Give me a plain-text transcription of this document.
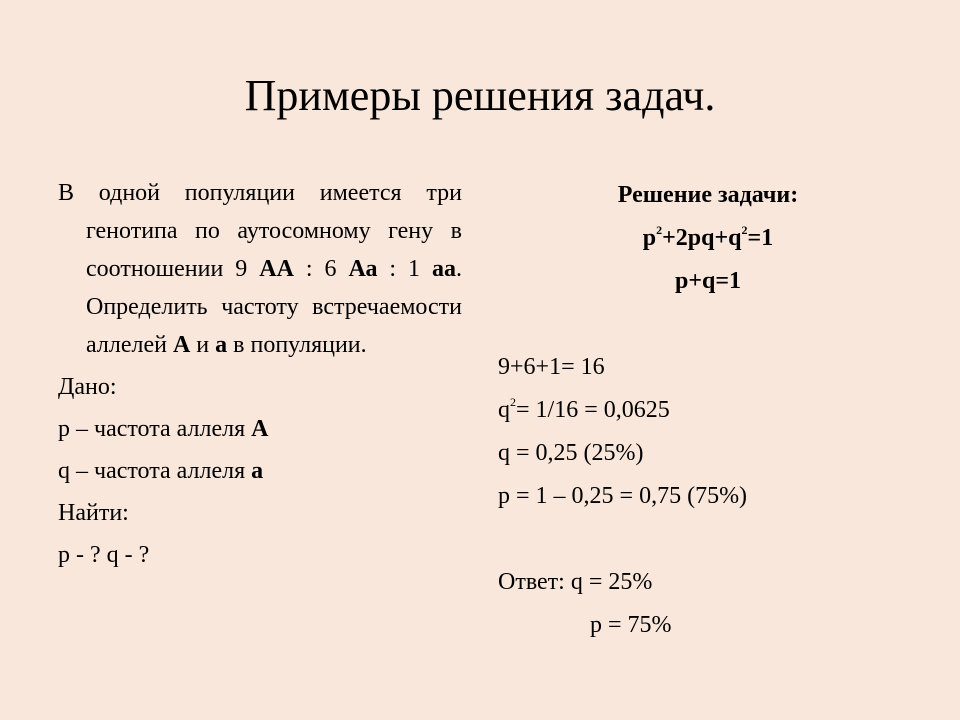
Примеры решения задач.

В одной популяции имеется три генотипа по аутосомному гену в соотношении 9 АА : 6 Аа : 1 аа. Определить частоту встречаемости аллелей А и а в популяции.

Дано:

p – частота аллеля А

q – частота аллеля а

Найти:

p - ? q - ?

Решение задачи:

$p^2+2pq+q^2=1$

p+q=1

9+6+1= 16

$q^2= 1/16 = 0,0625$

q = 0,25 (25%)

p = 1 – 0,25 = 0,75 (75%)

Ответ: q = 25%

p = 75%
